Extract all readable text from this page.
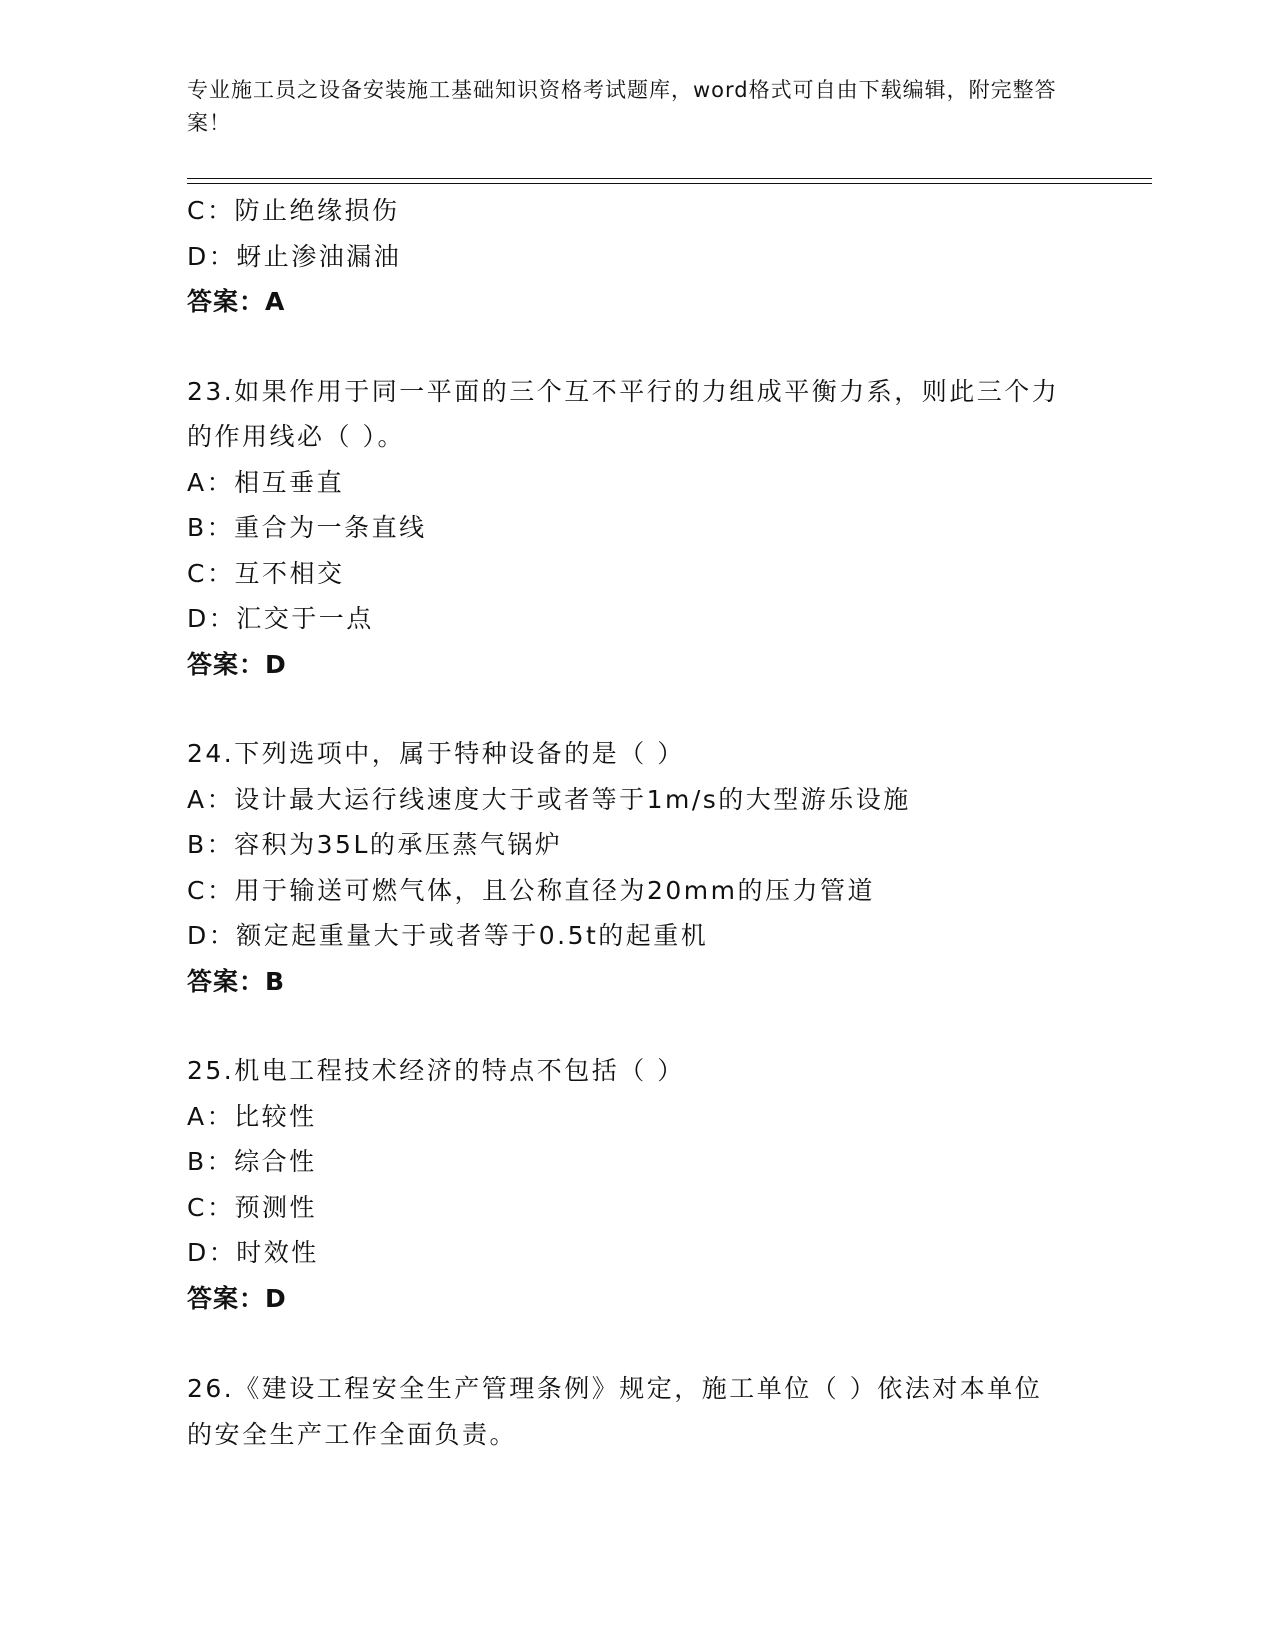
专业施工员之设备安装施工基础知识资格考试题库，word格式可自由下载编辑，附完整答案！
C：防止绝缘损伤
D：蚜止渗油漏油
答案：A
23.如果作用于同一平面的三个互不平行的力组成平衡力系，则此三个力的作用线必（ ）。
A：相互垂直
B：重合为一条直线
C：互不相交
D：汇交于一点
答案：D
24.下列选项中，属于特种设备的是（ ）
A：设计最大运行线速度大于或者等于1m/s的大型游乐设施
B：容积为35L的承压蒸气锅炉
C：用于输送可燃气体，且公称直径为20mm的压力管道
D：额定起重量大于或者等于0.5t的起重机
答案：B
25.机电工程技术经济的特点不包括（ ）
A：比较性
B：综合性
C：预测性
D：时效性
答案：D
26.《建设工程安全生产管理条例》规定，施工单位（ ）依法对本单位的安全生产工作全面负责。
